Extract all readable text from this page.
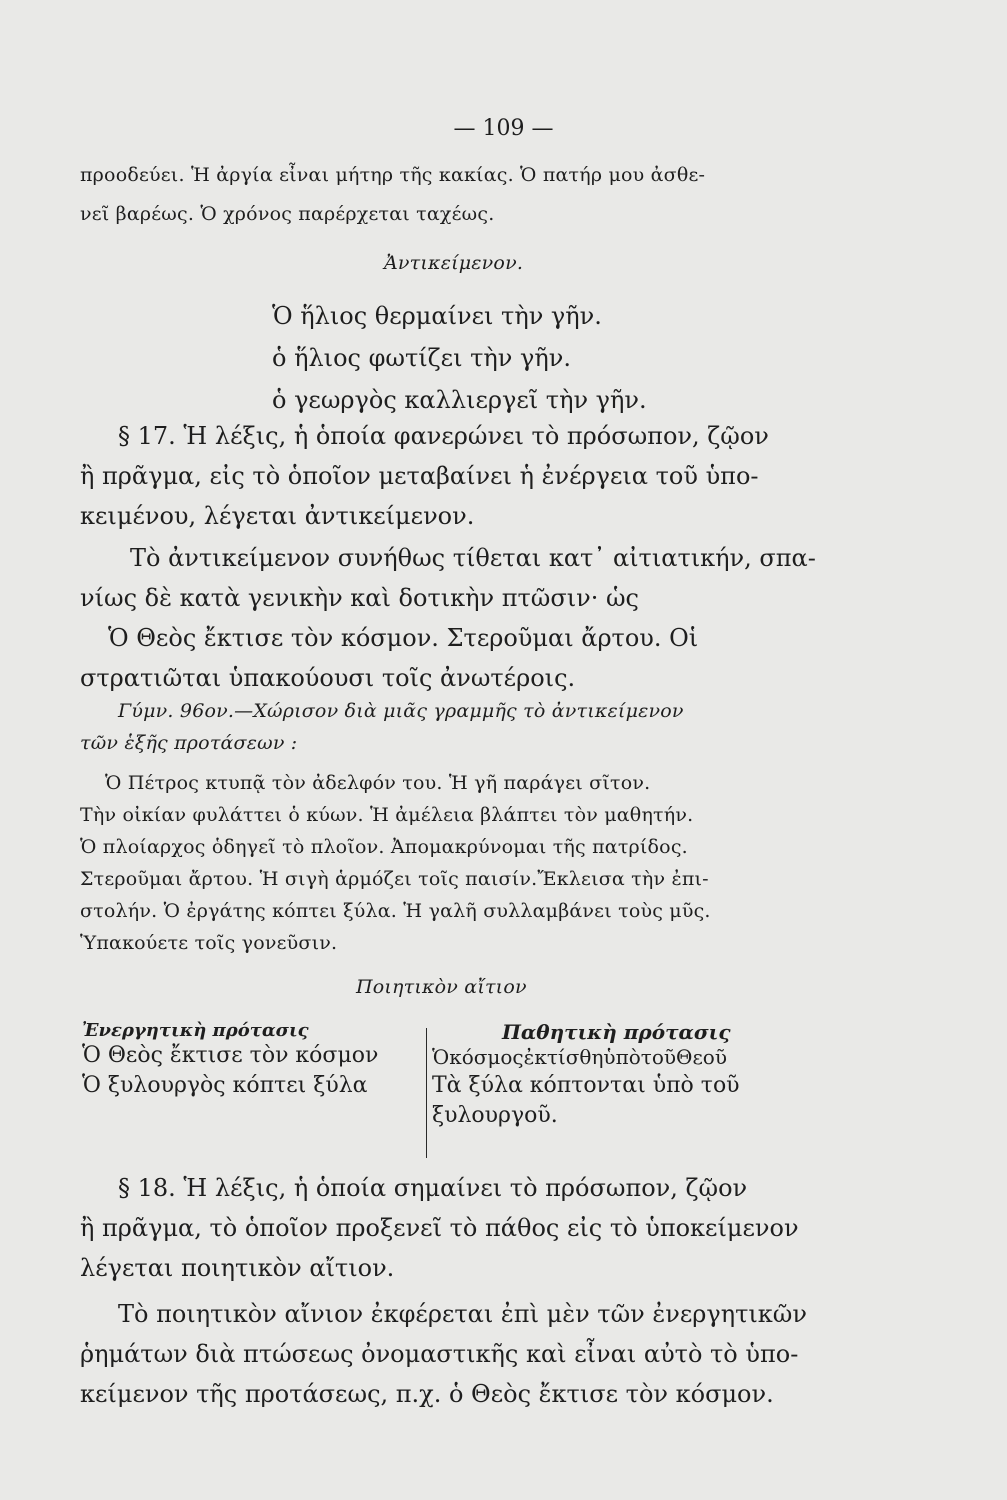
— 109 —
προοδεύει. Ἡ ἀργία εἶναι μήτηρ τῆς κακίας. Ὁ πατήρ μου ἀσθε-
νεῖ βαρέως. Ὁ χρόνος παρέρχεται ταχέως.
Ἀντικείμενον.
Ὁ ἥλιος θερμαίνει τὴν γῆν.
ὁ ἥλιος φωτίζει τὴν γῆν.
ὁ γεωργὸς καλλιεργεῖ τὴν γῆν.
§ 17. Ἡ λέξις, ἡ ὁποία φανερώνει τὸ πρόσωπον, ζῷον
ἢ πρᾶγμα, εἰς τὸ ὁποῖον μεταβαίνει ἡ ἐνέργεια τοῦ ὑπο-
κειμένου, λέγεται ἀντικείμενον.
Τὸ ἀντικείμενον συνήθως τίθεται κατ᾽ αἰτιατικήν, σπα-
νίως δὲ κατὰ γενικὴν καὶ δοτικὴν πτῶσιν· ὡς
Ὁ Θεὸς ἔκτισε τὸν κόσμον. Στεροῦμαι ἄρτου. Οἱ
στρατιῶται ὑπακούουσι τοῖς ἀνωτέροις.
Γύμν. 96ον.—Χώρισον διὰ μιᾶς γραμμῆς τὸ ἀντικείμενον
τῶν ἑξῆς προτάσεων :
Ὁ Πέτρος κτυπᾷ τὸν ἀδελφόν του. Ἡ γῆ παράγει σῖτον.
Τὴν οἰκίαν φυλάττει ὁ κύων. Ἡ ἀμέλεια βλάπτει τὸν μαθητήν.
Ὁ πλοίαρχος ὁδηγεῖ τὸ πλοῖον. Ἀπομακρύνομαι τῆς πατρίδος.
Στεροῦμαι ἄρτου. Ἡ σιγὴ ἁρμόζει τοῖς παισίν.Ἔκλεισα τὴν ἐπι-
στολήν. Ὁ ἐργάτης κόπτει ξύλα. Ἡ γαλῆ συλλαμβάνει τοὺς μῦς.
Ὑπακούετε τοῖς γονεῦσιν.
Ποιητικὸν αἴτιον
Ἐνεργητικὴ πρότασις
Ὁ Θεὸς ἔκτισε τὸν κόσμον
Ὁ ξυλουργὸς κόπτει ξύλα
Παθητικὴ πρότασις
ὉκόσμοςἐκτίσθηὑπὸτοῦΘεοῦ
Τὰ ξύλα κόπτονται ὑπὸ τοῦ
ξυλουργοῦ.
§ 18. Ἡ λέξις, ἡ ὁποία σημαίνει τὸ πρόσωπον, ζῷον
ἢ πρᾶγμα, τὸ ὁποῖον προξενεῖ τὸ πάθος εἰς τὸ ὑποκείμενον
λέγεται ποιητικὸν αἴτιον.
Τὸ ποιητικὸν αἴνιον ἐκφέρεται ἐπὶ μὲν τῶν ἐνεργητικῶν
ῥημάτων διὰ πτώσεως ὀνομαστικῆς καὶ εἶναι αὐτὸ τὸ ὑπο-
κείμενον τῆς προτάσεως, π.χ. ὁ Θεὸς ἔκτισε τὸν κόσμον.
